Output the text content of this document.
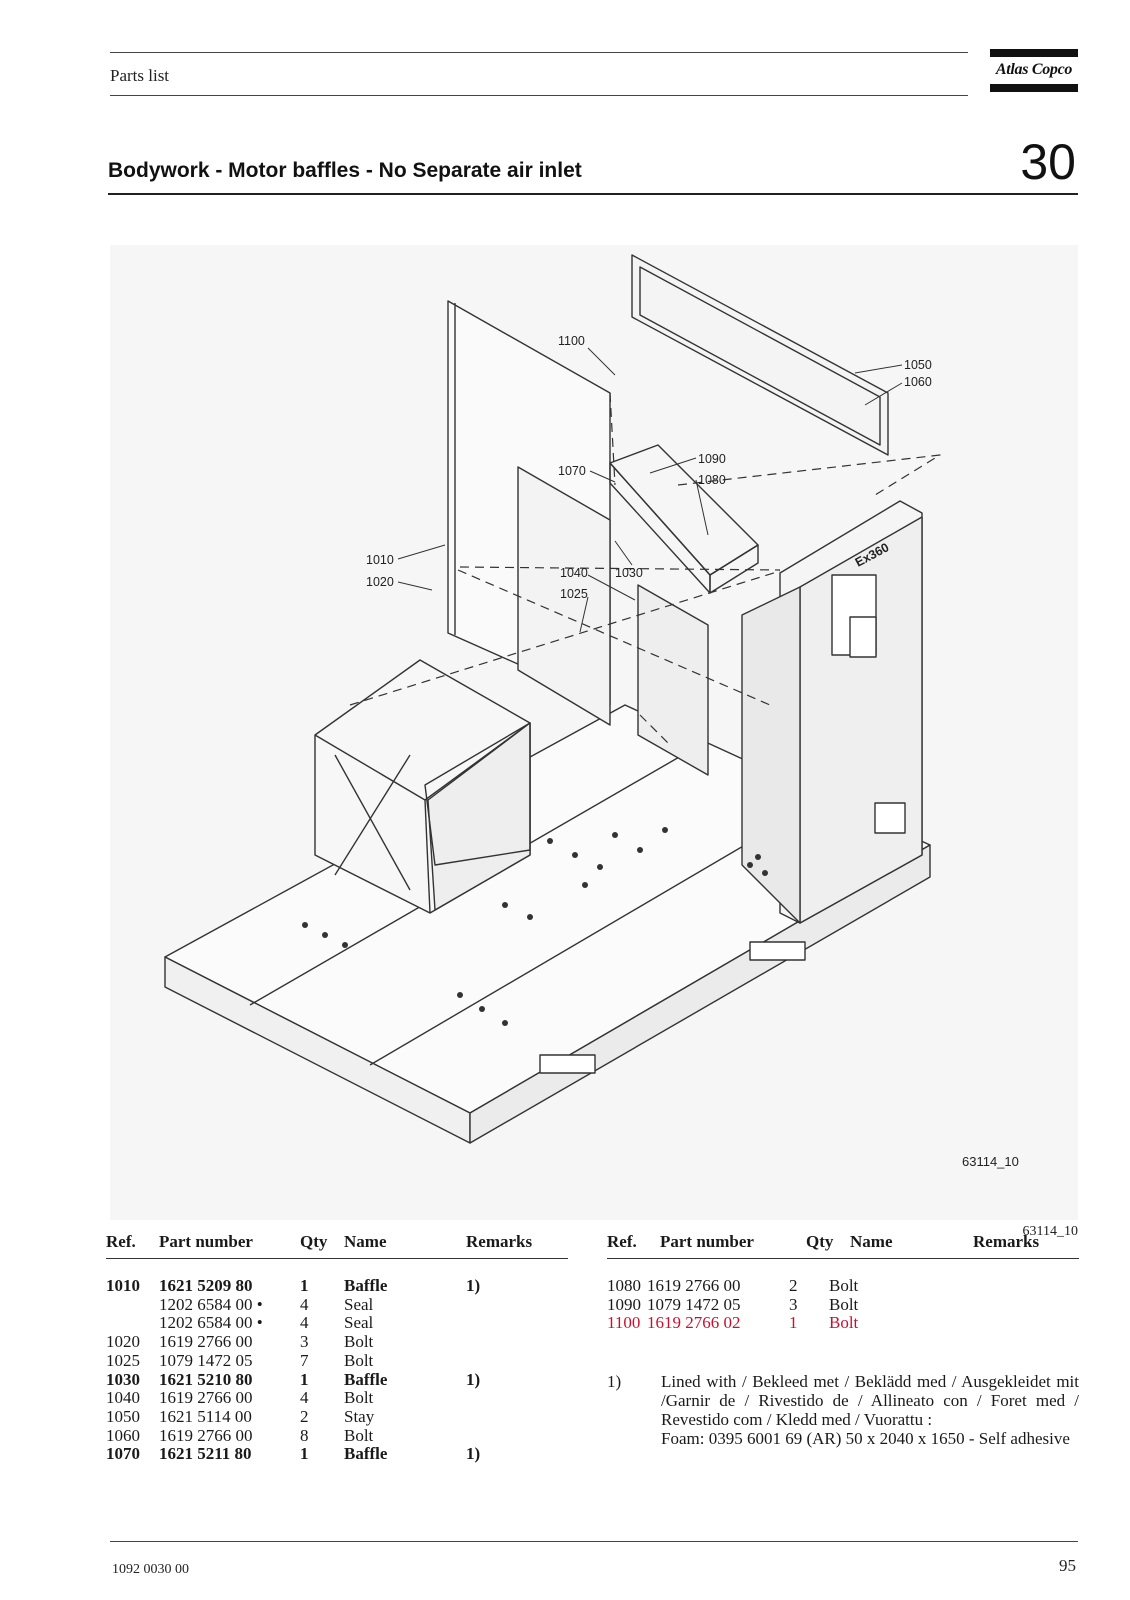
Parts list	Atlas Copco
Bodywork - Motor baffles - No Separate air inlet	30
Ex360
1100
1050
1060
1090
1080
1070
1010
1020
1040 1030
1025
63114_10
63114_10
Ref. Part number	Qty Name	Remarks
1010 1621 5209 80	1 Baffle	1)
1202 6584 00 • 4 Seal
1202 6584 00 • 4 Seal
1020 1619 2766 00	3 Bolt
1025 1079 1472 05	7 Bolt
1030 1621 5210 80	1 Baffle	1)
1040 1619 2766 00	4 Bolt
1050 1621 5114 00	2 Stay
1060 1619 2766 00	8 Bolt
1070 1621 5211 80	1 Baffle	1)
Ref. Part number	Qty Name	Remarks
1080 1619 2766 00	2 Bolt
1090 1079 1472 05	3 Bolt
1100 1619 2766 02	1 Bolt
1) Lined with / Bekleed met / Beklädd med / Ausgekleidet mit /Garnir de / Rivestido de / Allineato con / Foret med / Revestido com / Kledd med / Vuorattu :
Foam: 0395 6001 69 (AR) 50 x 2040 x 1650 - Self adhesive
1092 0030 00	95
